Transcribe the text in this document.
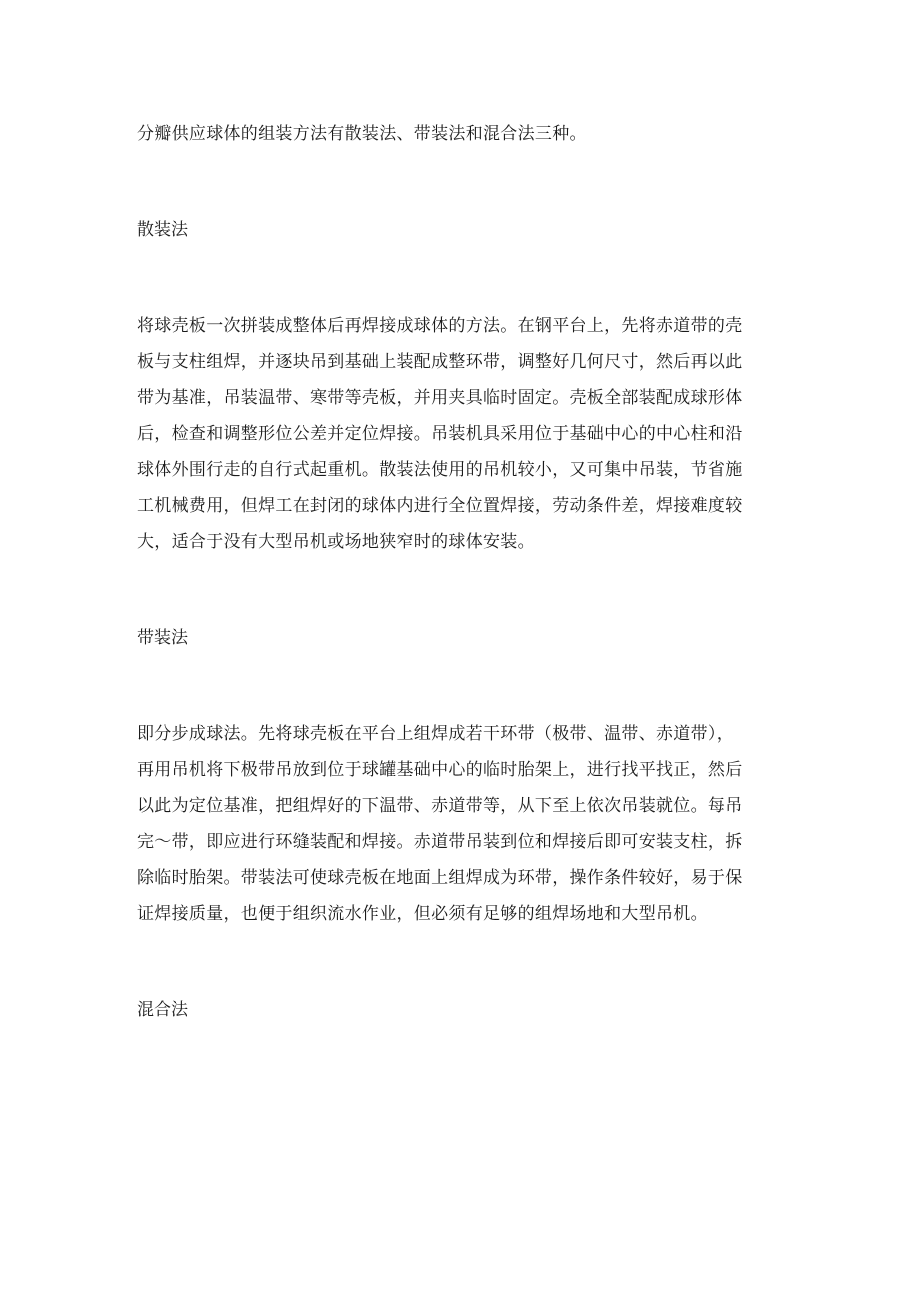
分瓣供应球体的组装方法有散装法、带装法和混合法三种。

散装法

将球壳板一次拼装成整体后再焊接成球体的方法。在钢平台上，先将赤道带的壳
板与支柱组焊，并逐块吊到基础上装配成整环带，调整好几何尺寸，然后再以此
带为基准，吊装温带、寒带等壳板，并用夹具临时固定。壳板全部装配成球形体
后，检查和调整形位公差并定位焊接。吊装机具采用位于基础中心的中心柱和沿
球体外围行走的自行式起重机。散装法使用的吊机较小，又可集中吊装，节省施
工机械费用，但焊工在封闭的球体内进行全位置焊接，劳动条件差，焊接难度较
大，适合于没有大型吊机或场地狭窄时的球体安装。

带装法

即分步成球法。先将球壳板在平台上组焊成若干环带（极带、温带、赤道带），
再用吊机将下极带吊放到位于球罐基础中心的临时胎架上，进行找平找正，然后
以此为定位基准，把组焊好的下温带、赤道带等，从下至上依次吊装就位。每吊
完～带，即应进行环缝装配和焊接。赤道带吊装到位和焊接后即可安装支柱，拆
除临时胎架。带装法可使球壳板在地面上组焊成为环带，操作条件较好，易于保
证焊接质量，也便于组织流水作业，但必须有足够的组焊场地和大型吊机。

混合法
